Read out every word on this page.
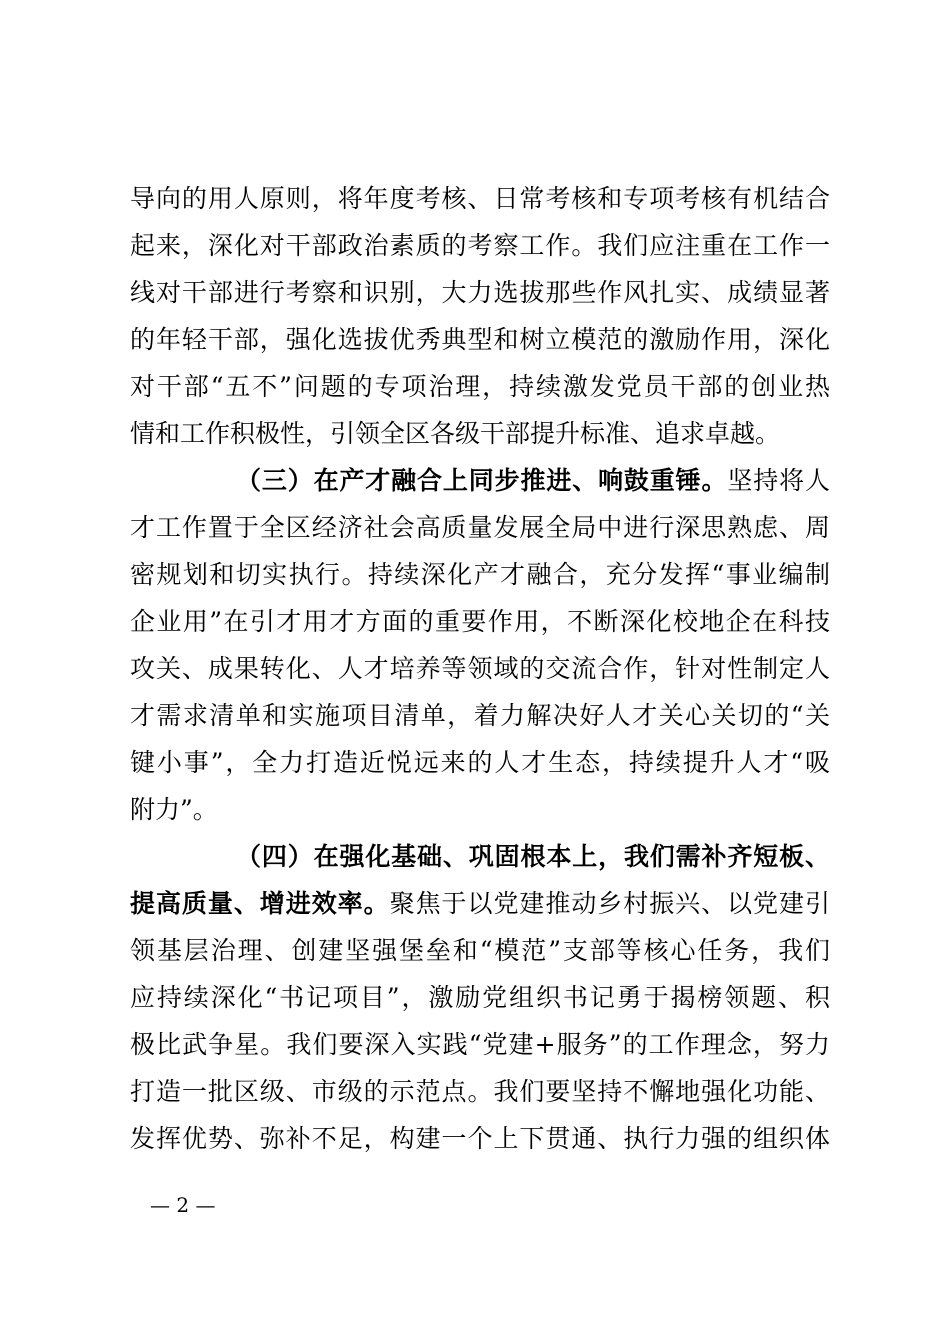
导向的用人原则，将年度考核、日常考核和专项考核有机结合
起来，深化对干部政治素质的考察工作。我们应注重在工作一
线对干部进行考察和识别，大力选拔那些作风扎实、成绩显著
的年轻干部，强化选拔优秀典型和树立模范的激励作用，深化
对干部“五不”问题的专项治理，持续激发党员干部的创业热
情和工作积极性，引领全区各级干部提升标准、追求卓越。
（三）在产才融合上同步推进、响鼓重锤。坚持将人
才工作置于全区经济社会高质量发展全局中进行深思熟虑、周
密规划和切实执行。持续深化产才融合，充分发挥“事业编制
企业用”在引才用才方面的重要作用，不断深化校地企在科技
攻关、成果转化、人才培养等领域的交流合作，针对性制定人
才需求清单和实施项目清单，着力解决好人才关心关切的“关
键小事”，全力打造近悦远来的人才生态，持续提升人才“吸
附力”。
（四）在强化基础、巩固根本上，我们需补齐短板、
提高质量、增进效率。聚焦于以党建推动乡村振兴、以党建引
领基层治理、创建坚强堡垒和“模范”支部等核心任务，我们
应持续深化“书记项目”，激励党组织书记勇于揭榜领题、积
极比武争星。我们要深入实践“党建+服务”的工作理念，努力
打造一批区级、市级的示范点。我们要坚持不懈地强化功能、
发挥优势、弥补不足，构建一个上下贯通、执行力强的组织体
— 2 —
